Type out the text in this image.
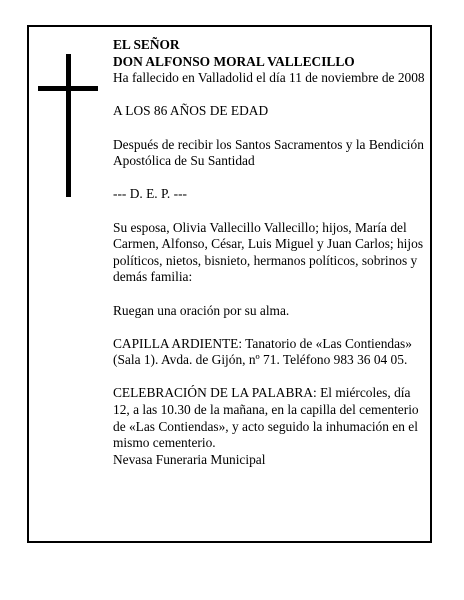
EL SEÑOR

DON ALFONSO MORAL VALLECILLO

Ha fallecido en Valladolid el día 11 de noviembre de 2008

A LOS 86 AÑOS DE EDAD

Después de recibir los Santos Sacramentos y la Bendición Apostólica de Su Santidad

--- D. E. P. ---

Su esposa, Olivia Vallecillo Vallecillo; hijos, María del Carmen, Alfonso, César, Luis Miguel y Juan Carlos; hijos políticos, nietos, bisnieto, hermanos políticos, sobrinos y demás familia:

Ruegan una oración por su alma.

CAPILLA ARDIENTE: Tanatorio de «Las Contiendas» (Sala 1). Avda. de Gijón, nº 71. Teléfono 983 36 04 05.

CELEBRACIÓN DE LA PALABRA: El miércoles, día 12, a las 10.30 de la mañana, en la capilla del cementerio de «Las Contiendas», y acto seguido la inhumación en el mismo cementerio.

Nevasa Funeraria Municipal
